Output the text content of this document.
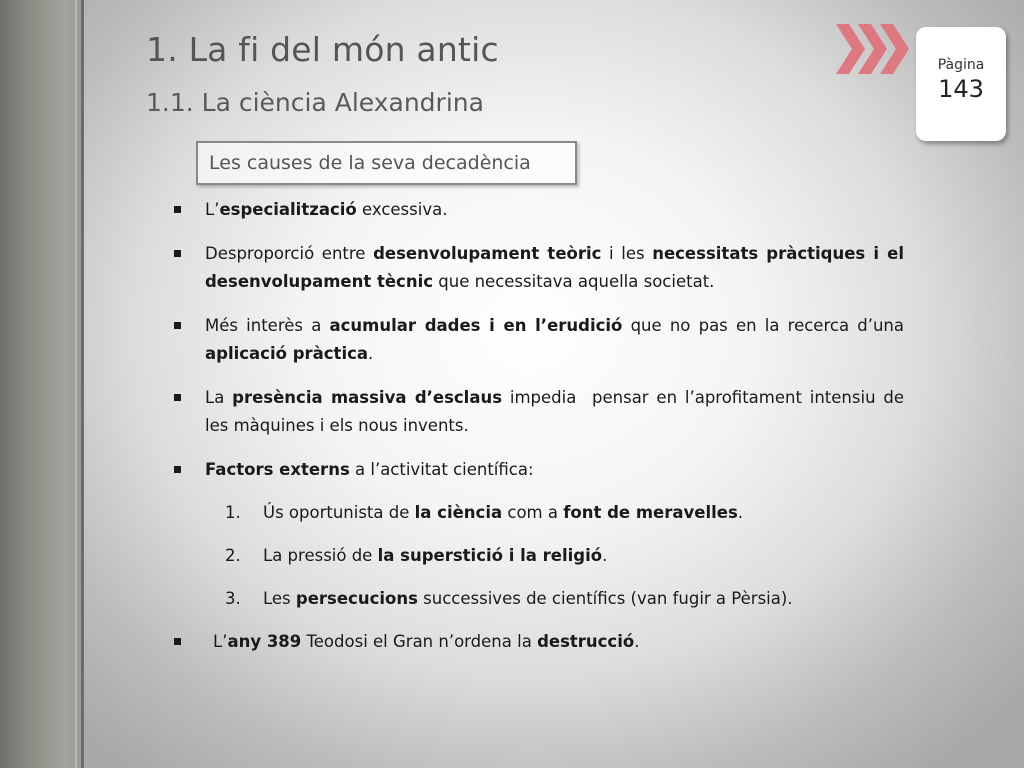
1. La fi del món antic
1.1. La ciència Alexandrina
Pàgina
143
Les causes de la seva decadència
L’especialització excessiva.
Desproporció entre desenvolupament teòric i les necessitats pràctiques i el desenvolupament tècnic que necessitava aquella societat.
Més interès a acumular dades i en l’erudició que no pas en la recerca d’una aplicació pràctica.
La presència massiva d’esclaus impedia  pensar en l’aprofitament intensiu de les màquines i els nous invents.
Factors externs a l’activitat científica:
1. Ús oportunista de la ciència com a font de meravelles.
2. La pressió de la superstició i la religió.
3. Les persecucions successives de científics (van fugir a Pèrsia).
L’any 389 Teodosi el Gran n’ordena la destrucció.
